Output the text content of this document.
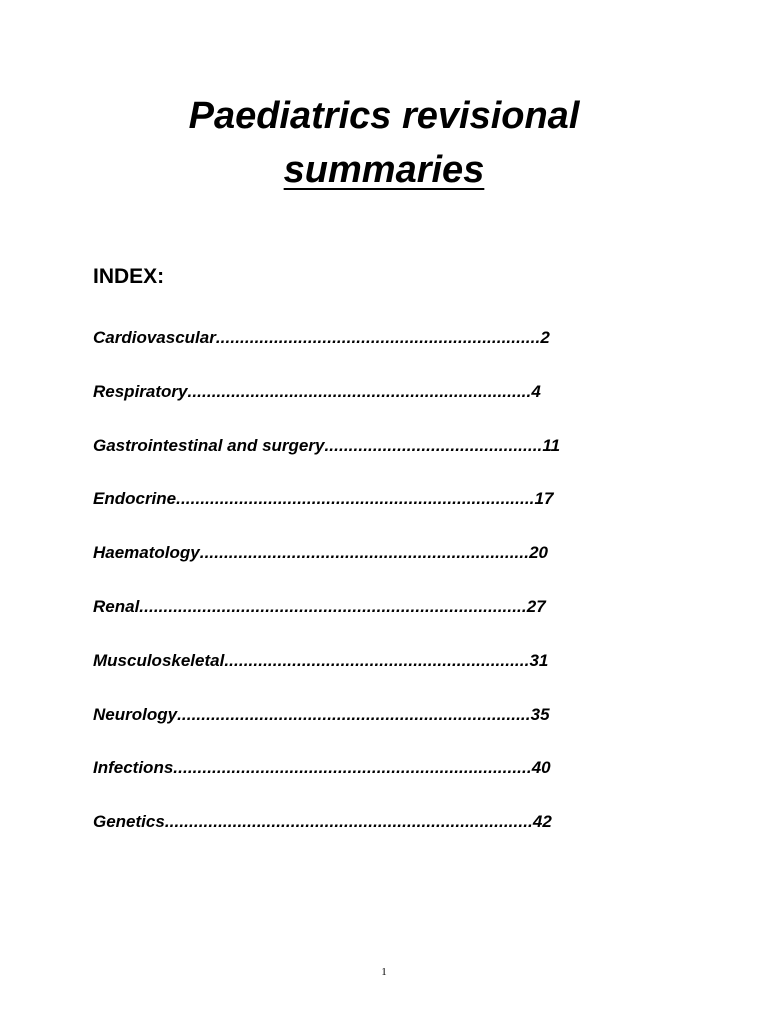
Paediatrics revisional
summaries
INDEX:
Cardiovascular...................................................................2
Respiratory.......................................................................4
Gastrointestinal and surgery.............................................11
Endocrine..........................................................................17
Haematology....................................................................20
Renal................................................................................27
Musculoskeletal...............................................................31
Neurology.........................................................................35
Infections..........................................................................40
Genetics............................................................................42
1
